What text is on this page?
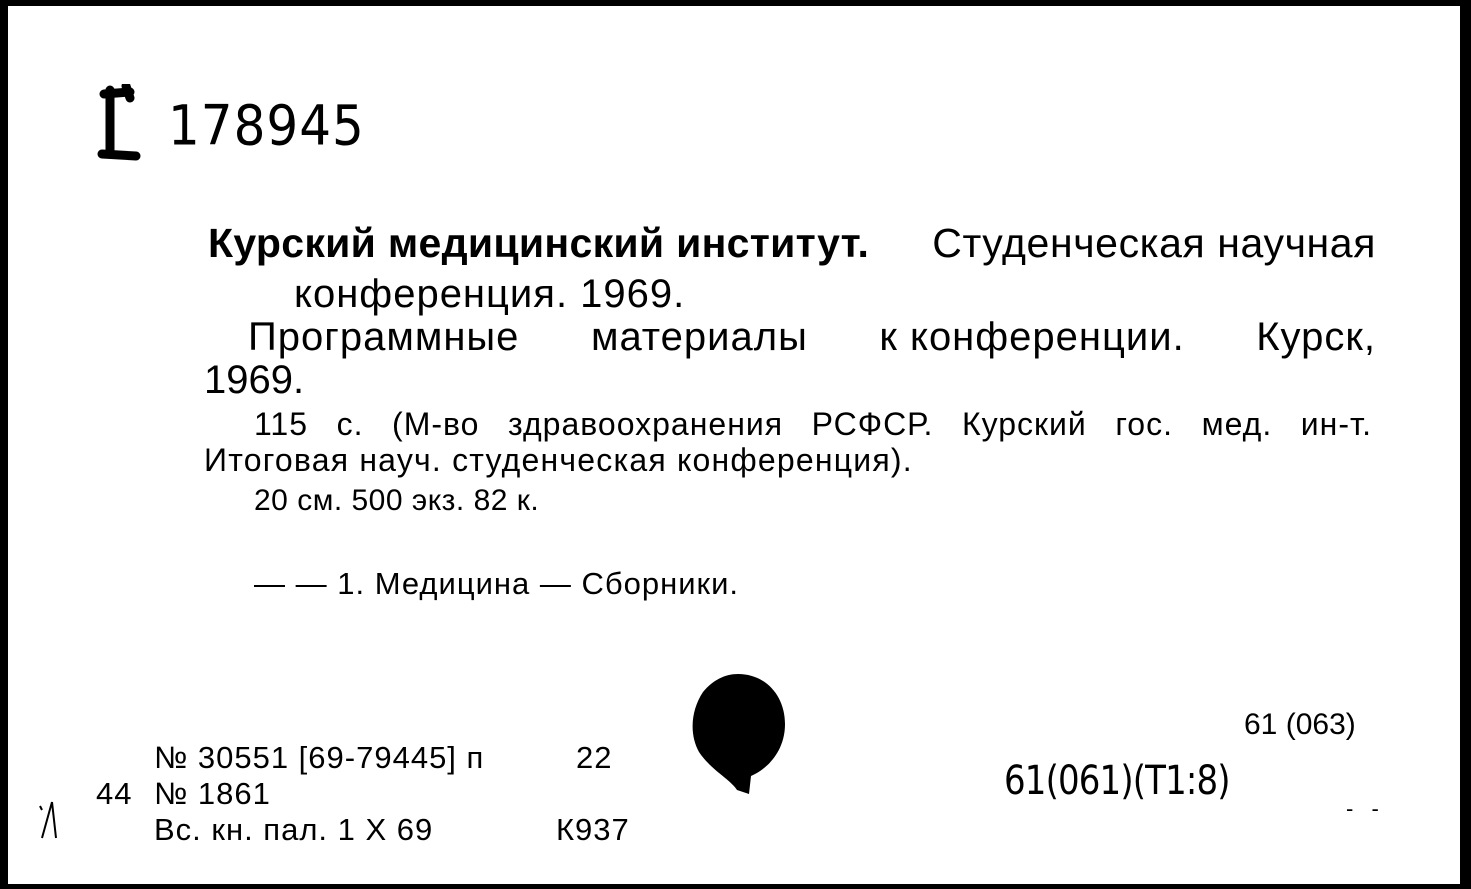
178945
Курский медицинский институт. Студенческая научная
конференция. 1969.
Программные материалы к конференции. Курск,
1969.
115 с. (М-во здравоохранения РСФСР. Курский гос. мед. ин-т.
Итоговая науч. студенческая конференция).
20 см. 500 экз. 82 к.
— — 1. Медицина — Сборники.
61 (063)
61(061)(Т1:8)
- -
№ 30551 [69-79445] п	22
44 № 1861
Вс. кн. пал. 1 Х 69	К937
